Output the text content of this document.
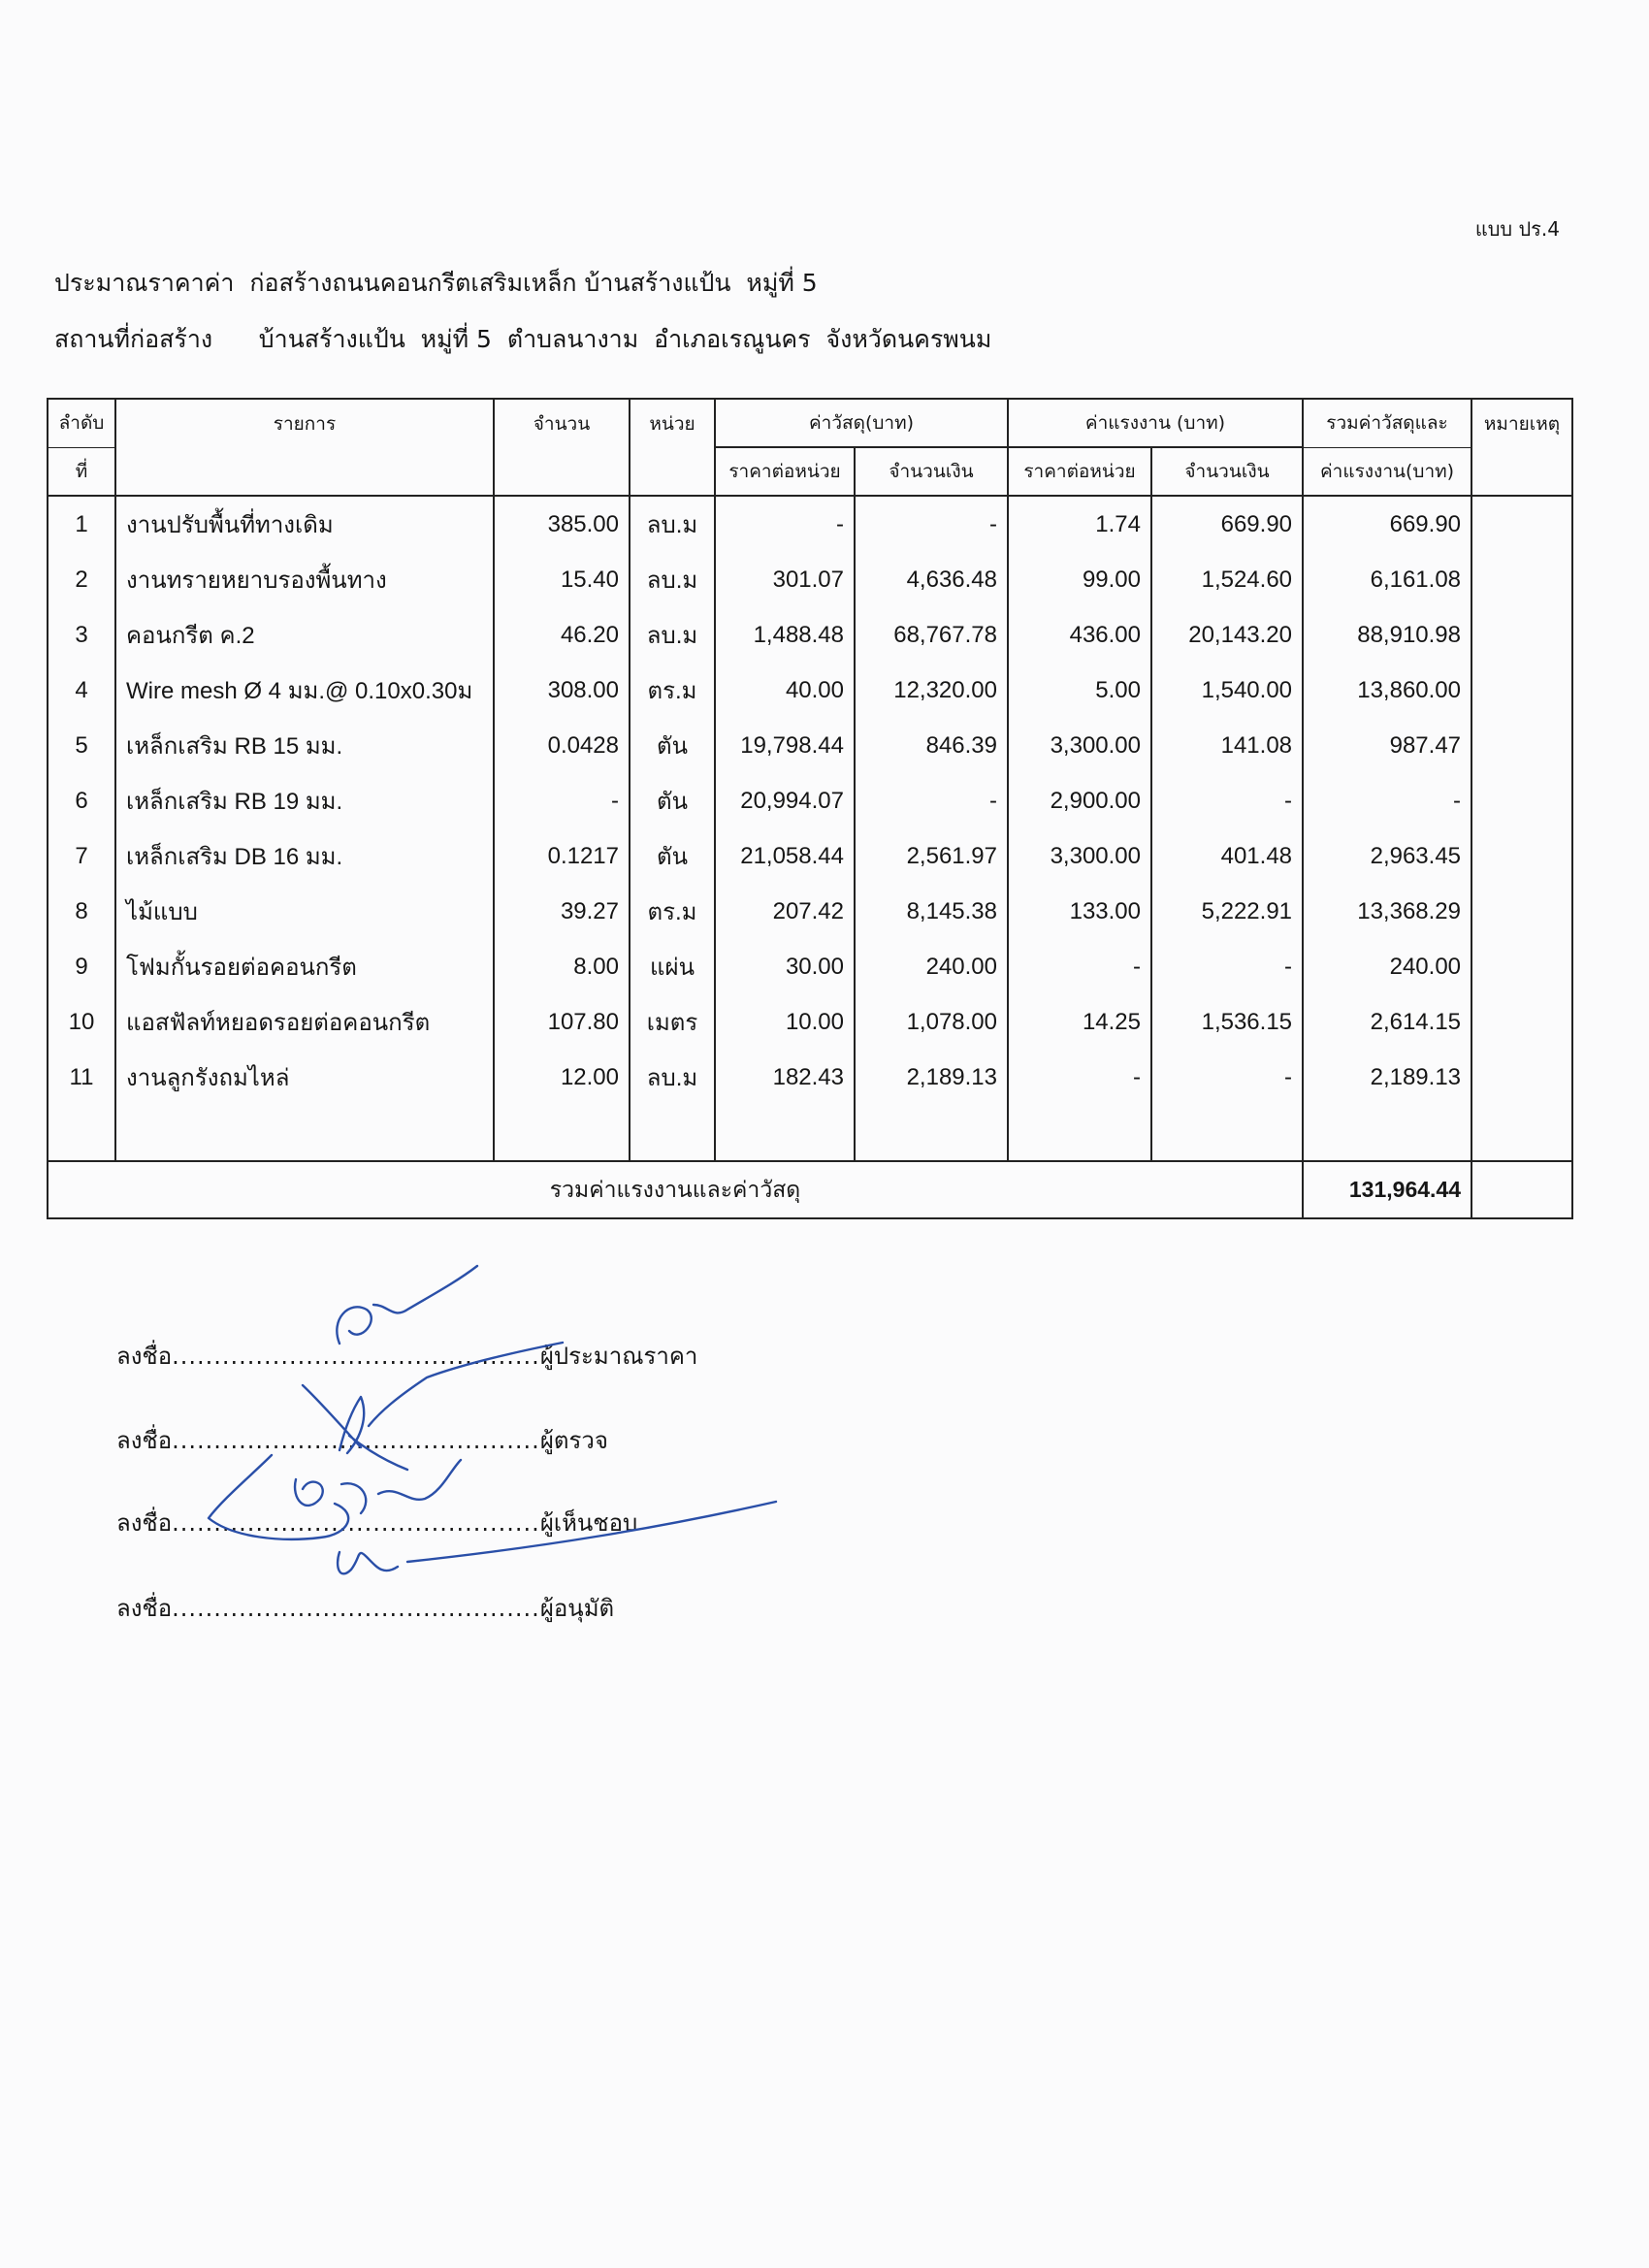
แบบ ปร.4
ประมาณราคาค่า ก่อสร้างถนนคอนกรีตเสริมเหล็ก บ้านสร้างแป้น  หมู่ที่ 5
สถานที่ก่อสร้าง บ้านสร้างแป้น  หมู่ที่ 5  ตำบลนางาม  อำเภอเรณูนคร  จังหวัดนครพนม
ลำดับ	รายการ	จำนวน	หน่วย	ค่าวัสดุ(บาท)		ค่าแรงงาน (บาท)		รวมค่าวัสดุและ	หมายเหตุ
ที่				ราคาต่อหน่วย	จำนวนเงิน	ราคาต่อหน่วย	จำนวนเงิน	ค่าแรงงาน(บาท)	
1	งานปรับพื้นที่ทางเดิม	385.00	ลบ.ม	-	-	1.74	669.90	669.90	
2	งานทรายหยาบรองพื้นทาง	15.40	ลบ.ม	301.07	4,636.48	99.00	1,524.60	6,161.08	
3	คอนกรีต ค.2	46.20	ลบ.ม	1,488.48	68,767.78	436.00	20,143.20	88,910.98	
4	Wire mesh Ø 4 มม.@ 0.10x0.30ม	308.00	ตร.ม	40.00	12,320.00	5.00	1,540.00	13,860.00	
5	เหล็กเสริม RB 15 มม.	0.0428	ตัน	19,798.44	846.39	3,300.00	141.08	987.47	
6	เหล็กเสริม RB 19 มม.	-	ตัน	20,994.07	-	2,900.00	-	-	
7	เหล็กเสริม DB 16 มม.	0.1217	ตัน	21,058.44	2,561.97	3,300.00	401.48	2,963.45	
8	ไม้แบบ	39.27	ตร.ม	207.42	8,145.38	133.00	5,222.91	13,368.29	
9	โฟมกั้นรอยต่อคอนกรีต	8.00	แผ่น	30.00	240.00	-	-	240.00	
10	แอสฟัลท์หยอดรอยต่อคอนกรีต	107.80	เมตร	10.00	1,078.00	14.25	1,536.15	2,614.15	
11	งานลูกรังถมไหล่	12.00	ลบ.ม	182.43	2,189.13	-	-	2,189.13	

รวมค่าแรงงานและค่าวัสดุ								131,964.44	
ลงชื่อ............................................ผู้ประมาณราคา
ลงชื่อ............................................ผู้ตรวจ
ลงชื่อ............................................ผู้เห็นชอบ
ลงชื่อ............................................ผู้อนุมัติ
